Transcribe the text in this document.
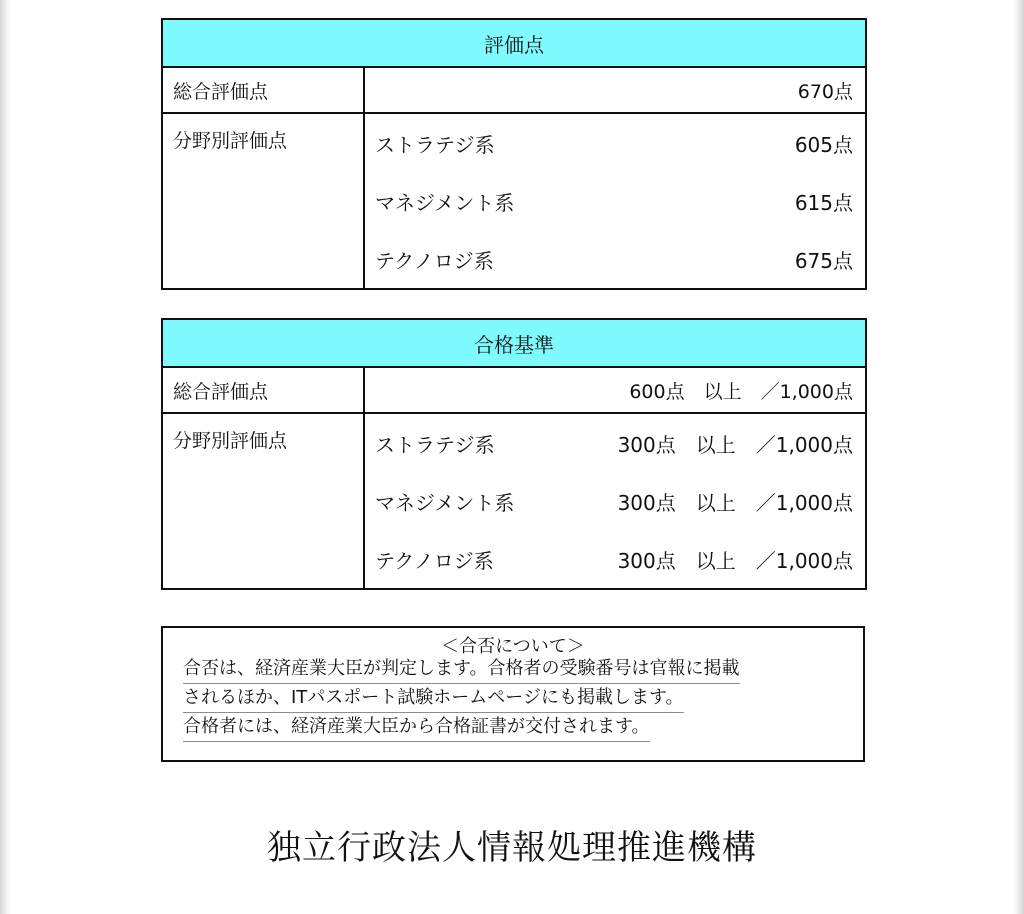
評価点
総合評価点	670点
分野別評価点		ストラテジ系	605点
マネジメント系	615点
テクノロジ系	675点
合格基準
総合評価点	600点　以上　／1,000点
分野別評価点		ストラテジ系	300点　以上　／1,000点
マネジメント系	300点　以上　／1,000点
テクノロジ系	300点　以上　／1,000点
＜合否について＞
合否は、経済産業大臣が判定します。合格者の受験番号は官報に掲載
されるほか、ITパスポート試験ホームページにも掲載します。
合格者には、経済産業大臣から合格証書が交付されます。
独立行政法人情報処理推進機構
